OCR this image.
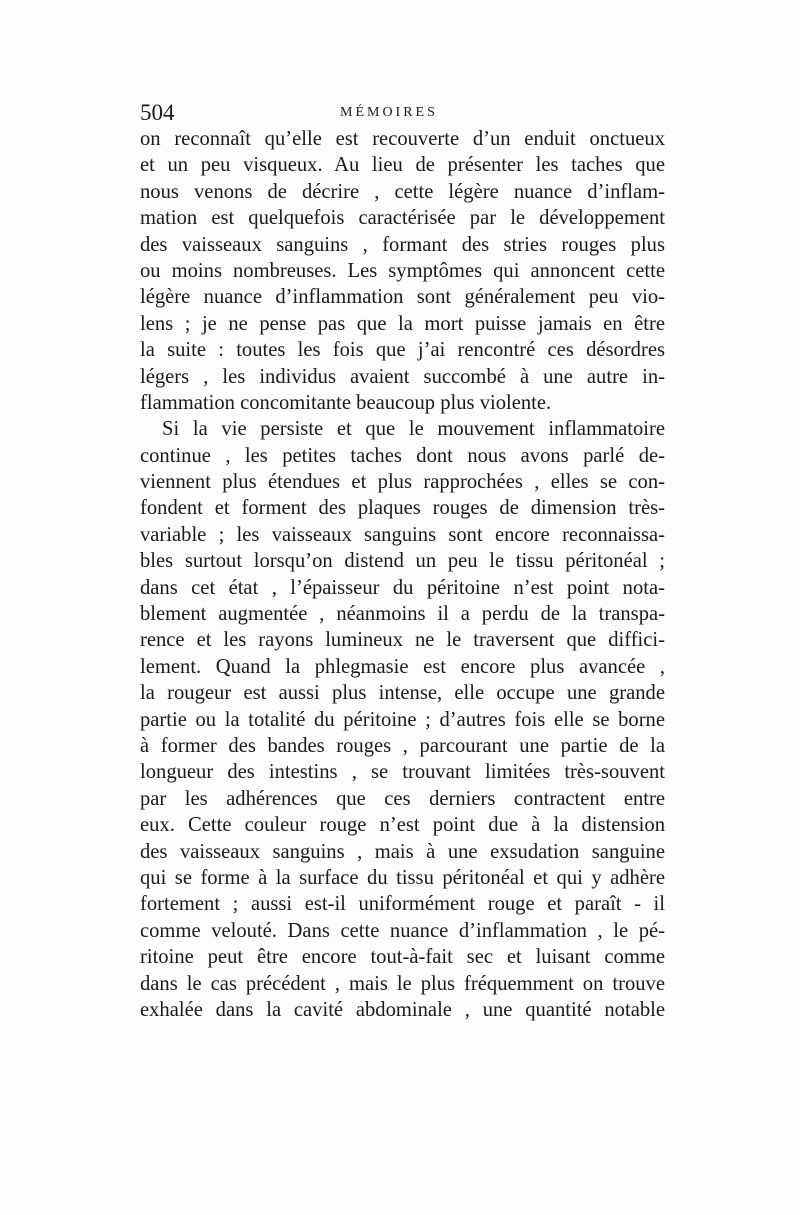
504	MÉMOIRES
on reconnaît qu’elle est recouverte d’un enduit onctueux
et un peu visqueux. Au lieu de présenter les taches que
nous venons de décrire , cette légère nuance d’inflam-
mation est quelquefois caractérisée par le développement
des vaisseaux sanguins , formant des stries rouges plus
ou moins nombreuses. Les symptômes qui annoncent cette
légère nuance d’inflammation sont généralement peu vio-
lens ; je ne pense pas que la mort puisse jamais en être
la suite : toutes les fois que j’ai rencontré ces désordres
légers , les individus avaient succombé à une autre in-
flammation concomitante beaucoup plus violente.
Si la vie persiste et que le mouvement inflammatoire
continue , les petites taches dont nous avons parlé de-
viennent plus étendues et plus rapprochées , elles se con-
fondent et forment des plaques rouges de dimension très-
variable ; les vaisseaux sanguins sont encore reconnaissa-
bles surtout lorsqu’on distend un peu le tissu péritonéal ;
dans cet état , l’épaisseur du péritoine n’est point nota-
blement augmentée , néanmoins il a perdu de la transpa-
rence et les rayons lumineux ne le traversent que diffici-
lement. Quand la phlegmasie est encore plus avancée ,
la rougeur est aussi plus intense, elle occupe une grande
partie ou la totalité du péritoine ; d’autres fois elle se borne
à former des bandes rouges , parcourant une partie de la
longueur des intestins , se trouvant limitées très-souvent
par les adhérences que ces derniers contractent entre
eux. Cette couleur rouge n’est point due à la distension
des vaisseaux sanguins , mais à une exsudation sanguine
qui se forme à la surface du tissu péritonéal et qui y adhère
fortement ; aussi est-il uniformément rouge et paraît - il
comme velouté. Dans cette nuance d’inflammation , le pé-
ritoine peut être encore tout-à-fait sec et luisant comme
dans le cas précédent , mais le plus fréquemment on trouve
exhalée dans la cavité abdominale , une quantité notable
